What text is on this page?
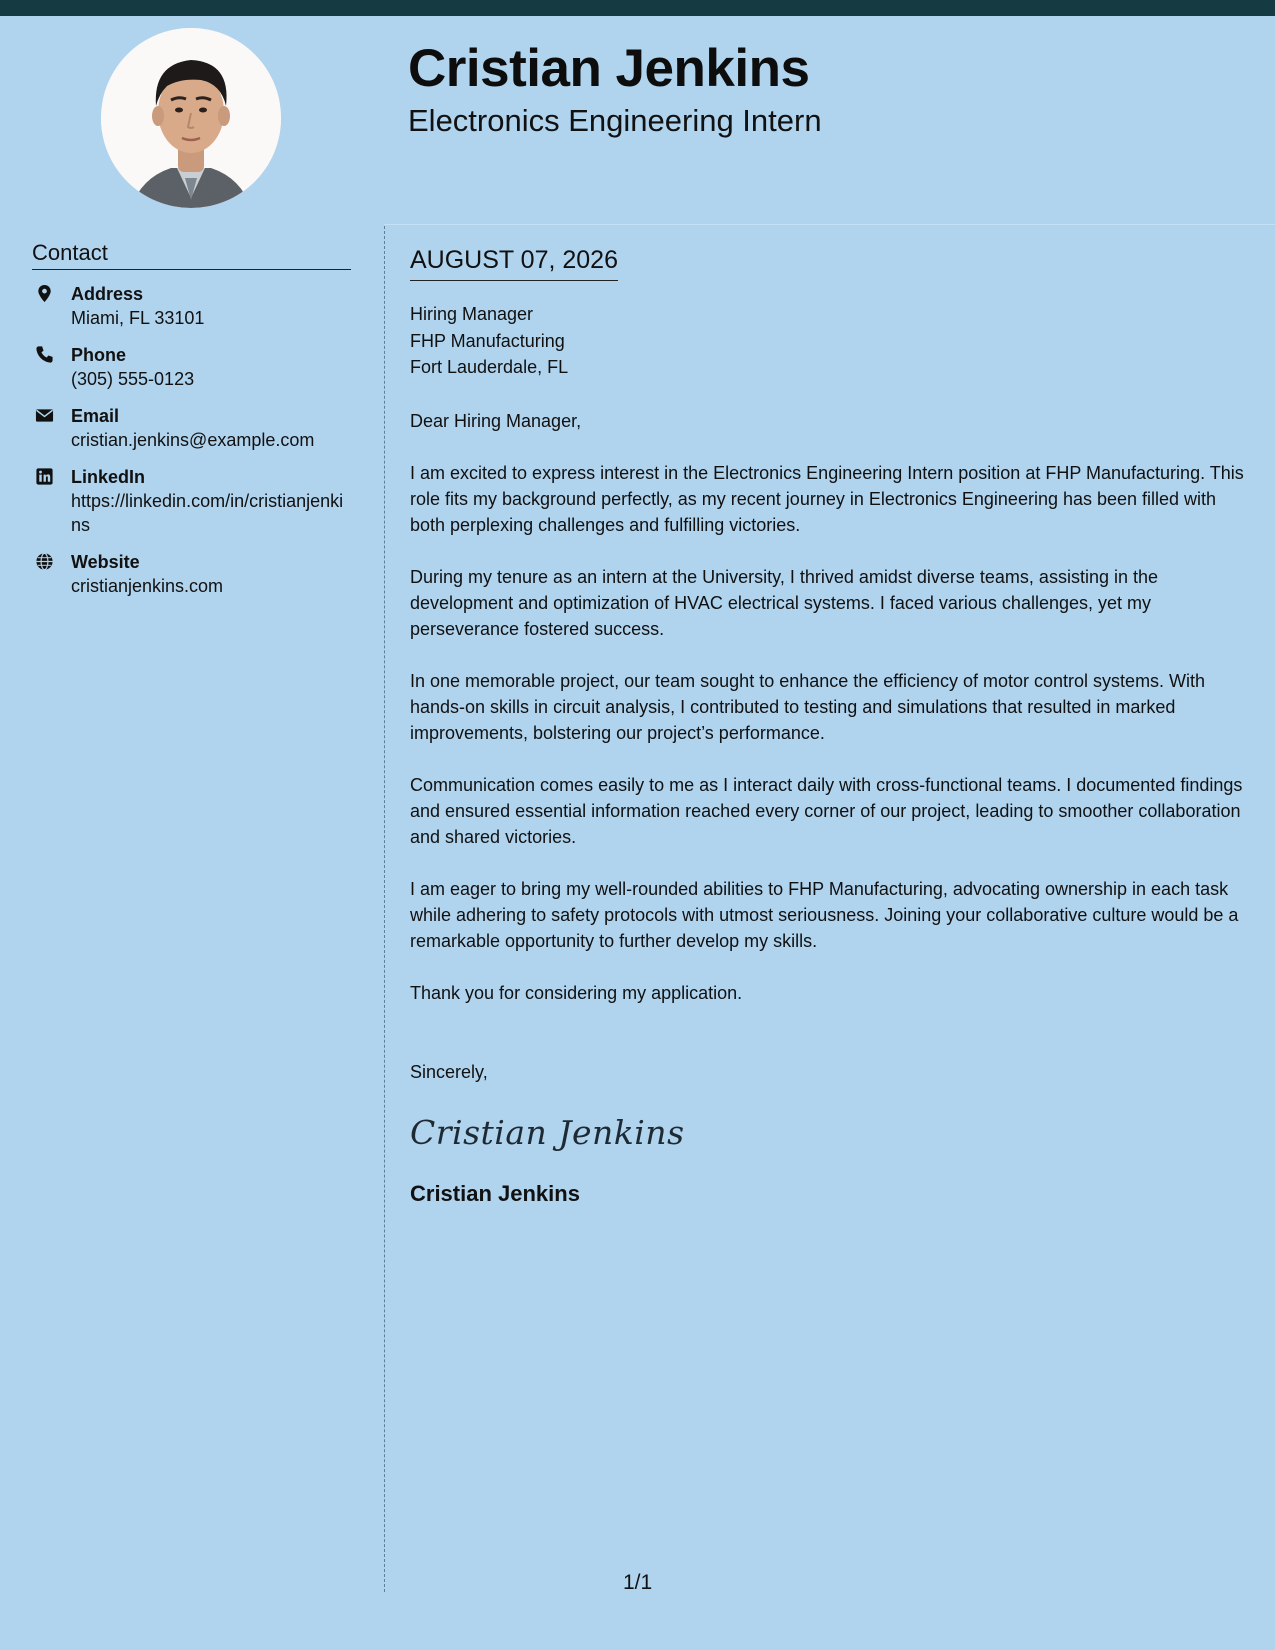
Cristian Jenkins
Electronics Engineering Intern
Contact
Address
Miami, FL 33101
Phone
(305) 555-0123
Email
cristian.jenkins@example.com
LinkedIn
https://linkedin.com/in/cristianjenkins
Website
cristianjenkins.com
AUGUST 07, 2026
Hiring Manager
FHP Manufacturing
Fort Lauderdale, FL
Dear Hiring Manager,
I am excited to express interest in the Electronics Engineering Intern position at FHP Manufacturing. This role fits my background perfectly, as my recent journey in Electronics Engineering has been filled with both perplexing challenges and fulfilling victories.
During my tenure as an intern at the University, I thrived amidst diverse teams, assisting in the development and optimization of HVAC electrical systems. I faced various challenges, yet my perseverance fostered success.
In one memorable project, our team sought to enhance the efficiency of motor control systems. With hands-on skills in circuit analysis, I contributed to testing and simulations that resulted in marked improvements, bolstering our project’s performance.
Communication comes easily to me as I interact daily with cross-functional teams. I documented findings and ensured essential information reached every corner of our project, leading to smoother collaboration and shared victories.
I am eager to bring my well-rounded abilities to FHP Manufacturing, advocating ownership in each task while adhering to safety protocols with utmost seriousness. Joining your collaborative culture would be a remarkable opportunity to further develop my skills.
Thank you for considering my application.
Sincerely,
Cristian Jenkins
Cristian Jenkins
1/1
